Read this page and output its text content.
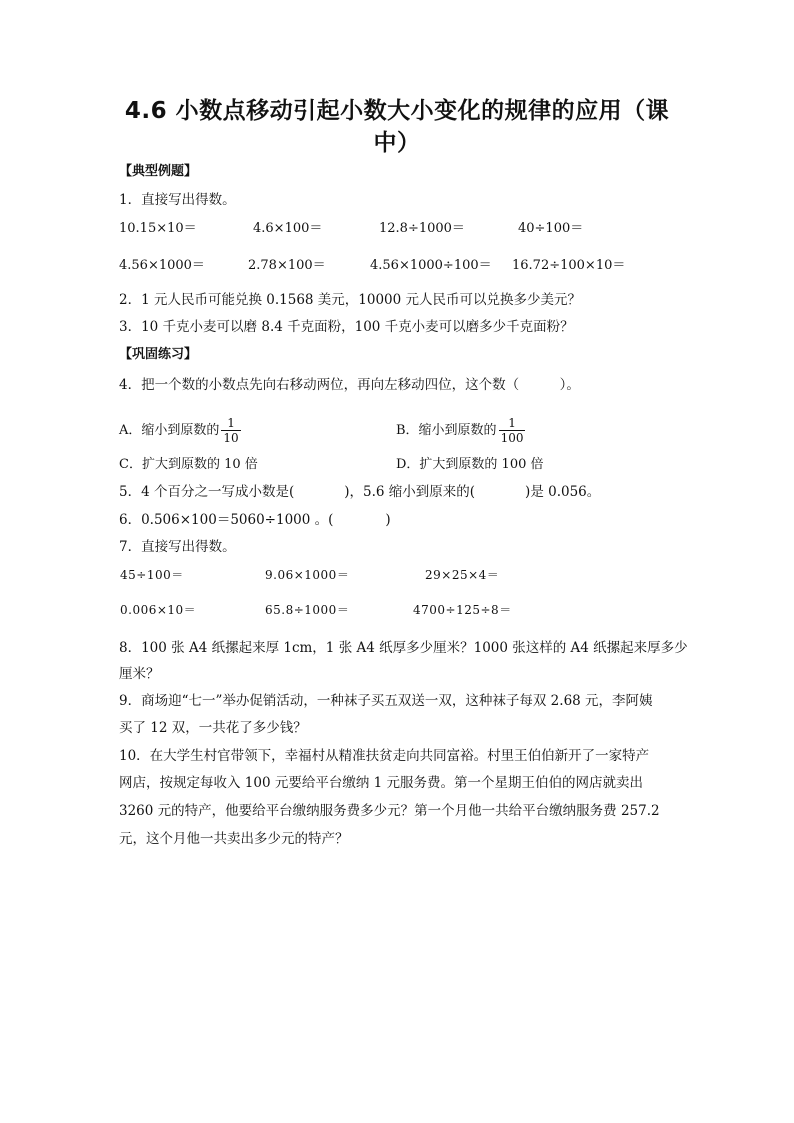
4.6 小数点移动引起小数大小变化的规律的应用（课中）
【典型例题】
1．直接写出得数。
10.15×10＝	4.6×100＝	12.8÷1000＝	40÷100＝
4.56×1000＝	2.78×100＝	4.56×1000÷100＝ 16.72÷100×10＝
2．1 元人民币可能兑换 0.1568 美元，10000 元人民币可以兑换多少美元？
3．10 千克小麦可以磨 8.4 千克面粉，100 千克小麦可以磨多少千克面粉？
【巩固练习】
4．把一个数的小数点先向右移动两位，再向左移动四位，这个数（　　　）。
A．缩小到原数的 $\frac{1}{10}$	B．缩小到原数的 $\frac{1}{100}$
C．扩大到原数的 10 倍	D．扩大到原数的 100 倍
5．4 个百分之一写成小数是(	)，5.6 缩小到原来的(	)是 0.056。
6．0.506×100＝5060÷1000 。(	)
7．直接写出得数。
45÷100＝	9.06×1000＝	29×25×4＝
0.006×10＝	65.8÷1000＝	4700÷125÷8＝
8．100 张 A4 纸摞起来厚 1cm，1 张 A4 纸厚多少厘米？1000 张这样的 A4 纸摞起来厚多少
厘米？
9．商场迎“七一”举办促销活动，一种袜子买五双送一双，这种袜子每双 2.68 元，李阿姨
买了 12 双，一共花了多少钱？
10．在大学生村官带领下，幸福村从精准扶贫走向共同富裕。村里王伯伯新开了一家特产
网店，按规定每收入 100 元要给平台缴纳 1 元服务费。第一个星期王伯伯的网店就卖出
3260 元的特产，他要给平台缴纳服务费多少元？第一个月他一共给平台缴纳服务费 257.2
元，这个月他一共卖出多少元的特产？
